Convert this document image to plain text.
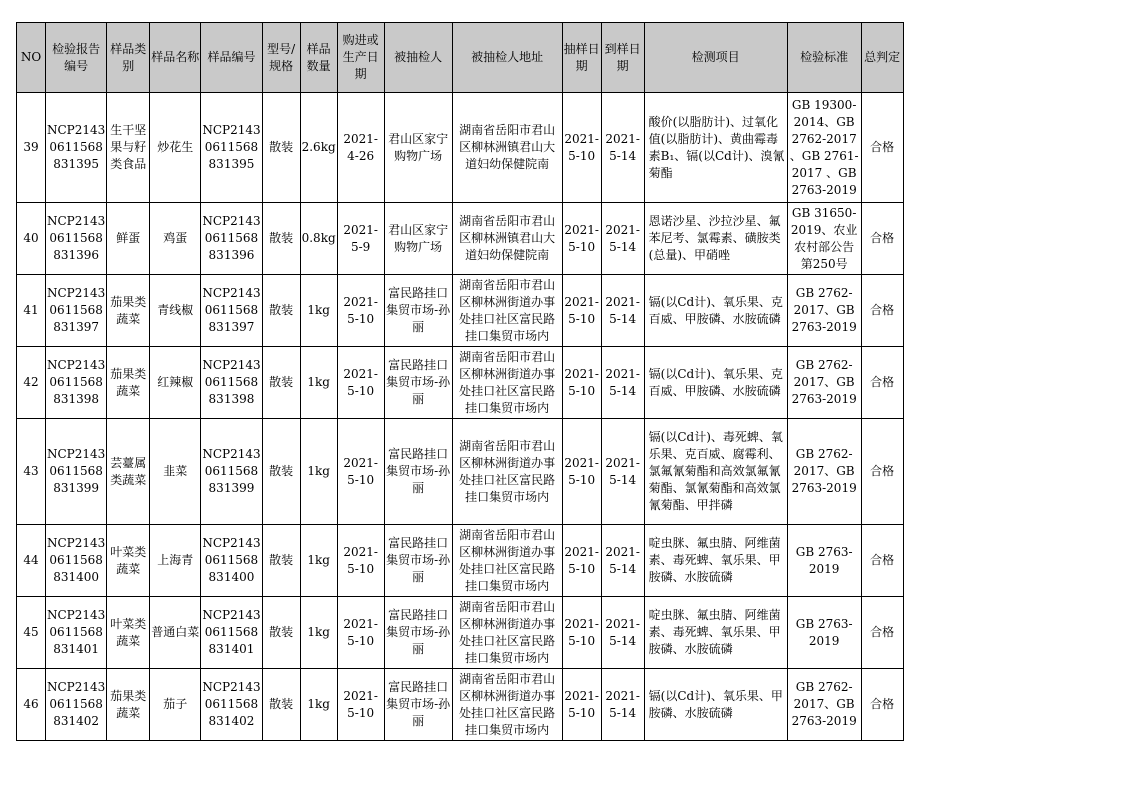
NO	检验报告编号	样品类别	样品名称	样品编号	型号/规格	样品数量	购进或生产日期	被抽检人	被抽检人地址	抽样日期	到样日期	检测项目	检验标准	总判定
39	NCP2143 0611568 831395	生干坚果与籽类食品	炒花生	NCP2143 0611568 831395	散装	2.6kg	2021-4-26	君山区家宁购物广场	湖南省岳阳市君山区柳林洲镇君山大道妇幼保健院南	2021-5-10	2021-5-14	酸价(以脂肪计)、过氧化值(以脂肪计)、黄曲霉毒素B₁、镉(以Cd计)、溴氰菊酯	GB 19300-2014、GB 2762-2017 、GB 2761-2017 、GB 2763-2019	合格
40	NCP2143 0611568 831396	鲜蛋	鸡蛋	NCP2143 0611568 831396	散装	0.8kg	2021-5-9	君山区家宁购物广场	湖南省岳阳市君山区柳林洲镇君山大道妇幼保健院南	2021-5-10	2021-5-14	恩诺沙星、沙拉沙星、氟苯尼考、氯霉素、磺胺类 (总量)、甲硝唑	GB 31650-2019、农业农村部公告第250号	合格
41	NCP2143 0611568 831397	茄果类蔬菜	青线椒	NCP2143 0611568 831397	散装	1kg	2021-5-10	富民路挂口集贸市场-孙丽	湖南省岳阳市君山区柳林洲街道办事处挂口社区富民路挂口集贸市场内	2021-5-10	2021-5-14	镉(以Cd计)、氧乐果、克百威、甲胺磷、水胺硫磷	GB 2762-2017、GB 2763-2019	合格
42	NCP2143 0611568 831398	茄果类蔬菜	红辣椒	NCP2143 0611568 831398	散装	1kg	2021-5-10	富民路挂口集贸市场-孙丽	湖南省岳阳市君山区柳林洲街道办事处挂口社区富民路挂口集贸市场内	2021-5-10	2021-5-14	镉(以Cd计)、氧乐果、克百威、甲胺磷、水胺硫磷	GB 2762-2017、GB 2763-2019	合格
43	NCP2143 0611568 831399	芸薹属类蔬菜	韭菜	NCP2143 0611568 831399	散装	1kg	2021-5-10	富民路挂口集贸市场-孙丽	湖南省岳阳市君山区柳林洲街道办事处挂口社区富民路挂口集贸市场内	2021-5-10	2021-5-14	镉(以Cd计)、毒死蜱、氧乐果、克百威、腐霉利、氯氟氰菊酯和高效氯氟氰菊酯、氯氰菊酯和高效氯氰菊酯、甲拌磷	GB 2762-2017、GB 2763-2019	合格
44	NCP2143 0611568 831400	叶菜类蔬菜	上海青	NCP2143 0611568 831400	散装	1kg	2021-5-10	富民路挂口集贸市场-孙丽	湖南省岳阳市君山区柳林洲街道办事处挂口社区富民路挂口集贸市场内	2021-5-10	2021-5-14	啶虫脒、氟虫腈、阿维菌素、毒死蜱、氧乐果、甲胺磷、水胺硫磷	GB 2763-2019	合格
45	NCP2143 0611568 831401	叶菜类蔬菜	普通白菜	NCP2143 0611568 831401	散装	1kg	2021-5-10	富民路挂口集贸市场-孙丽	湖南省岳阳市君山区柳林洲街道办事处挂口社区富民路挂口集贸市场内	2021-5-10	2021-5-14	啶虫脒、氟虫腈、阿维菌素、毒死蜱、氧乐果、甲胺磷、水胺硫磷	GB 2763-2019	合格
46	NCP2143 0611568 831402	茄果类蔬菜	茄子	NCP2143 0611568 831402	散装	1kg	2021-5-10	富民路挂口集贸市场-孙丽	湖南省岳阳市君山区柳林洲街道办事处挂口社区富民路挂口集贸市场内	2021-5-10	2021-5-14	镉(以Cd计)、氧乐果、甲胺磷、水胺硫磷	GB 2762-2017、GB 2763-2019	合格
